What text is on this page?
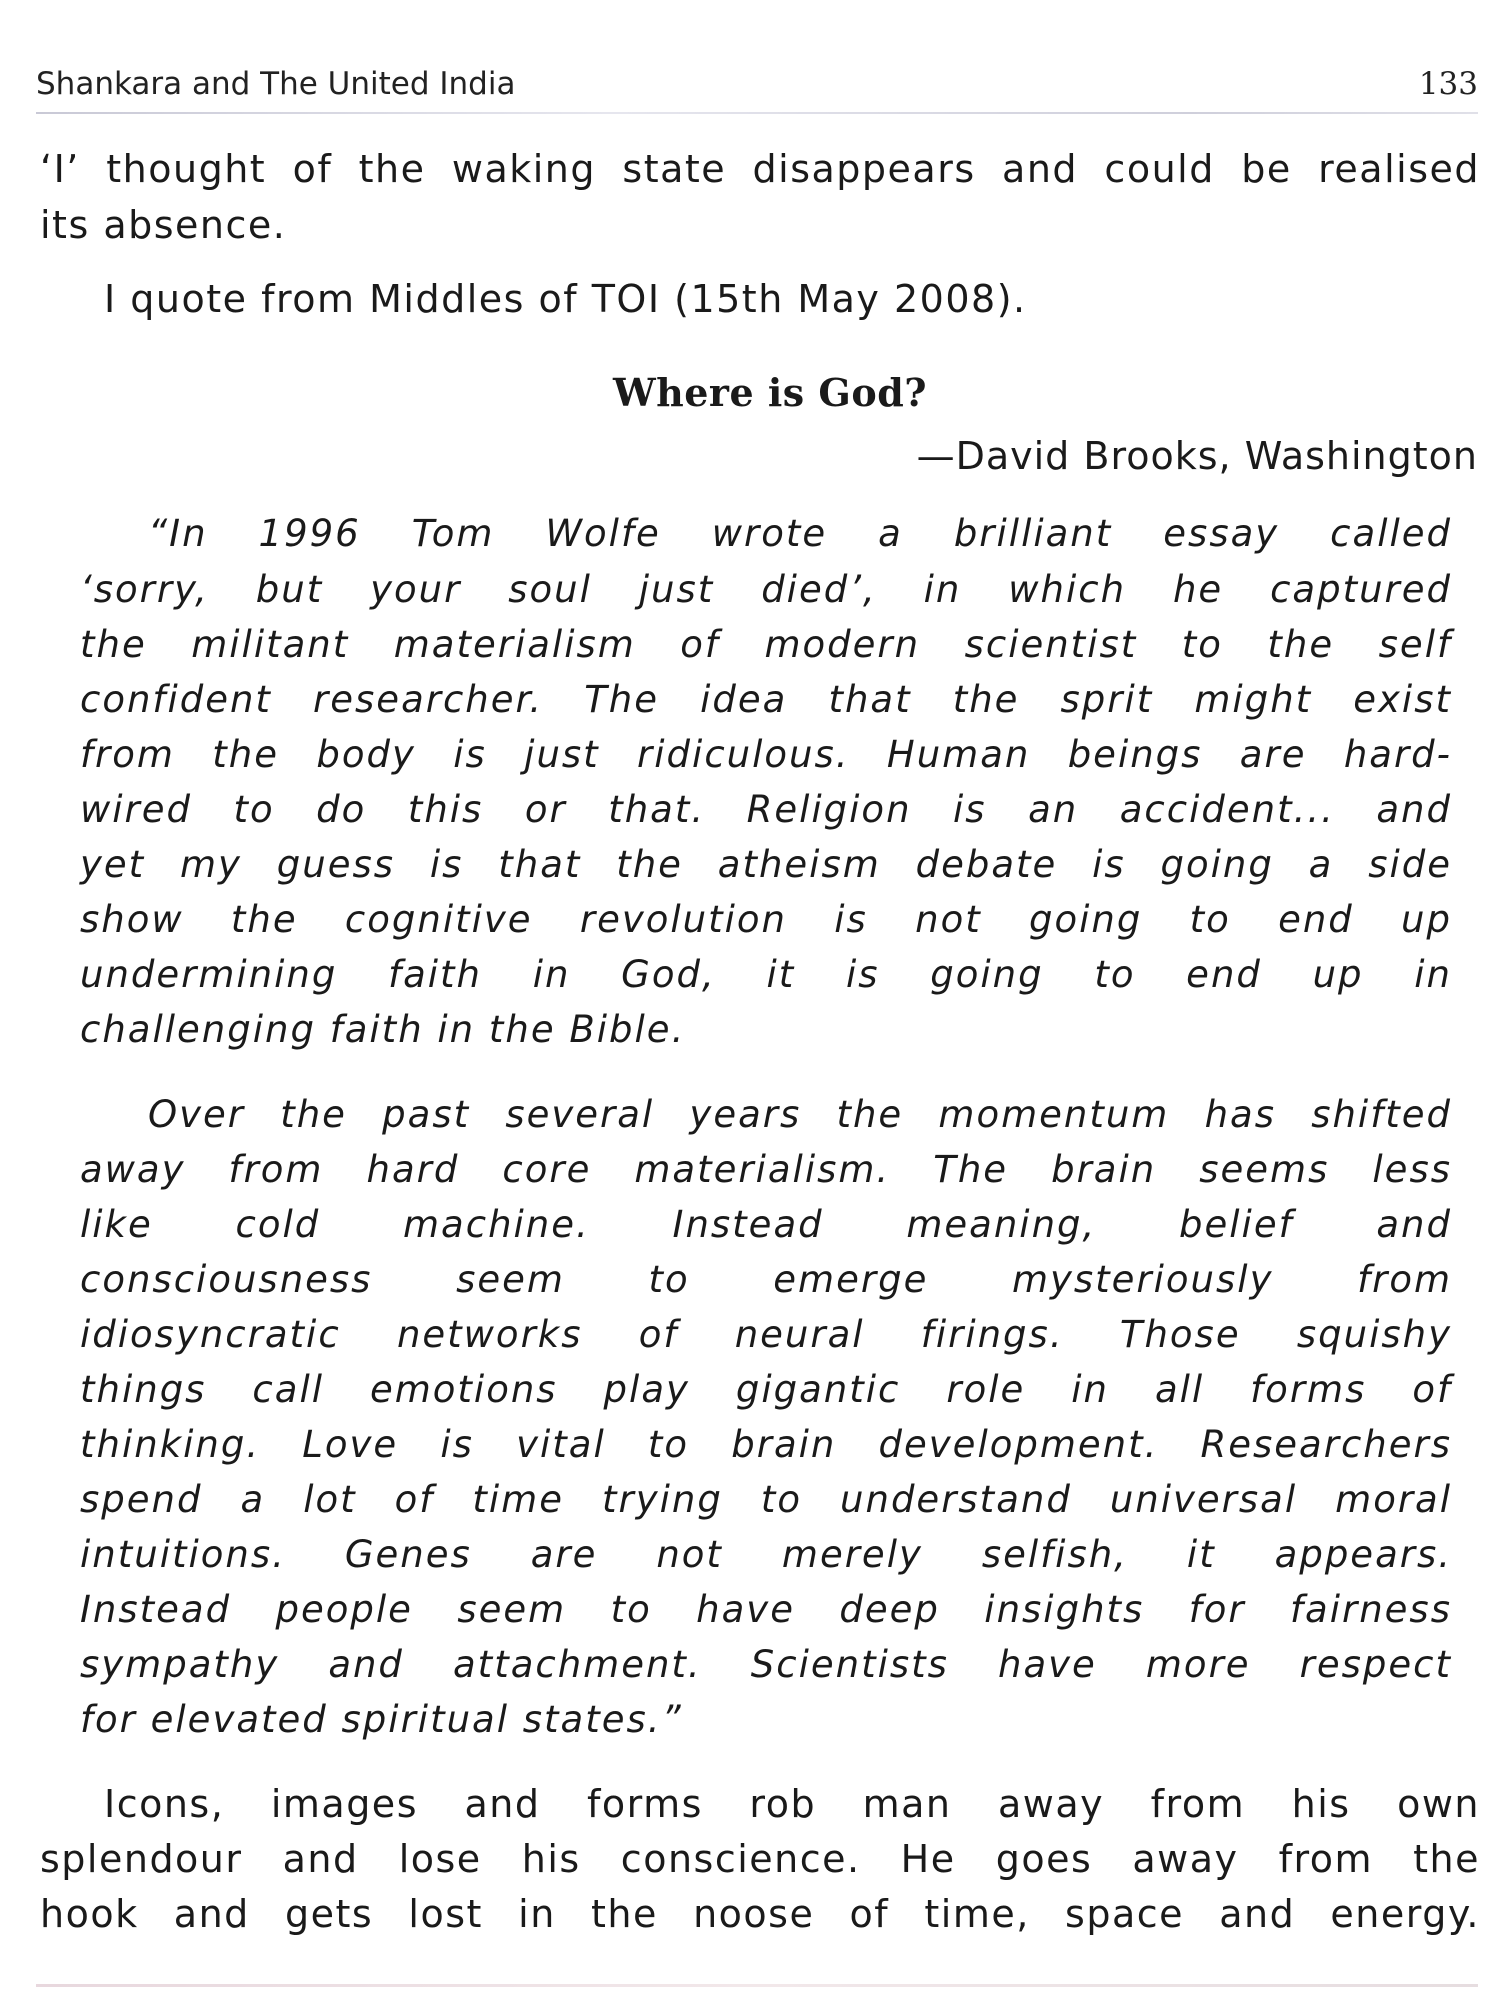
Shankara and The United India	133
‘I’ thought of the waking state disappears and could be realised
its absence.
I quote from Middles of TOI (15th May 2008).
Where is God?
—David Brooks, Washington
“In 1996 Tom Wolfe wrote a brilliant essay called
‘sorry, but your soul just died’, in which he captured
the militant materialism of modern scientist to the self
confident researcher. The idea that the sprit might exist
from the body is just ridiculous. Human beings are hard-
wired to do this or that. Religion is an accident... and
yet my guess is that the atheism debate is going a side
show the cognitive revolution is not going to end up
undermining faith in God, it is going to end up in
challenging faith in the Bible.
Over the past several years the momentum has shifted
away from hard core materialism. The brain seems less
like cold machine. Instead meaning, belief and
consciousness seem to emerge mysteriously from
idiosyncratic networks of neural firings. Those squishy
things call emotions play gigantic role in all forms of
thinking. Love is vital to brain development. Researchers
spend a lot of time trying to understand universal moral
intuitions. Genes are not merely selfish, it appears.
Instead people seem to have deep insights for fairness
sympathy and attachment. Scientists have more respect
for elevated spiritual states.”
Icons, images and forms rob man away from his own
splendour and lose his conscience. He goes away from the
hook and gets lost in the noose of time, space and energy.
